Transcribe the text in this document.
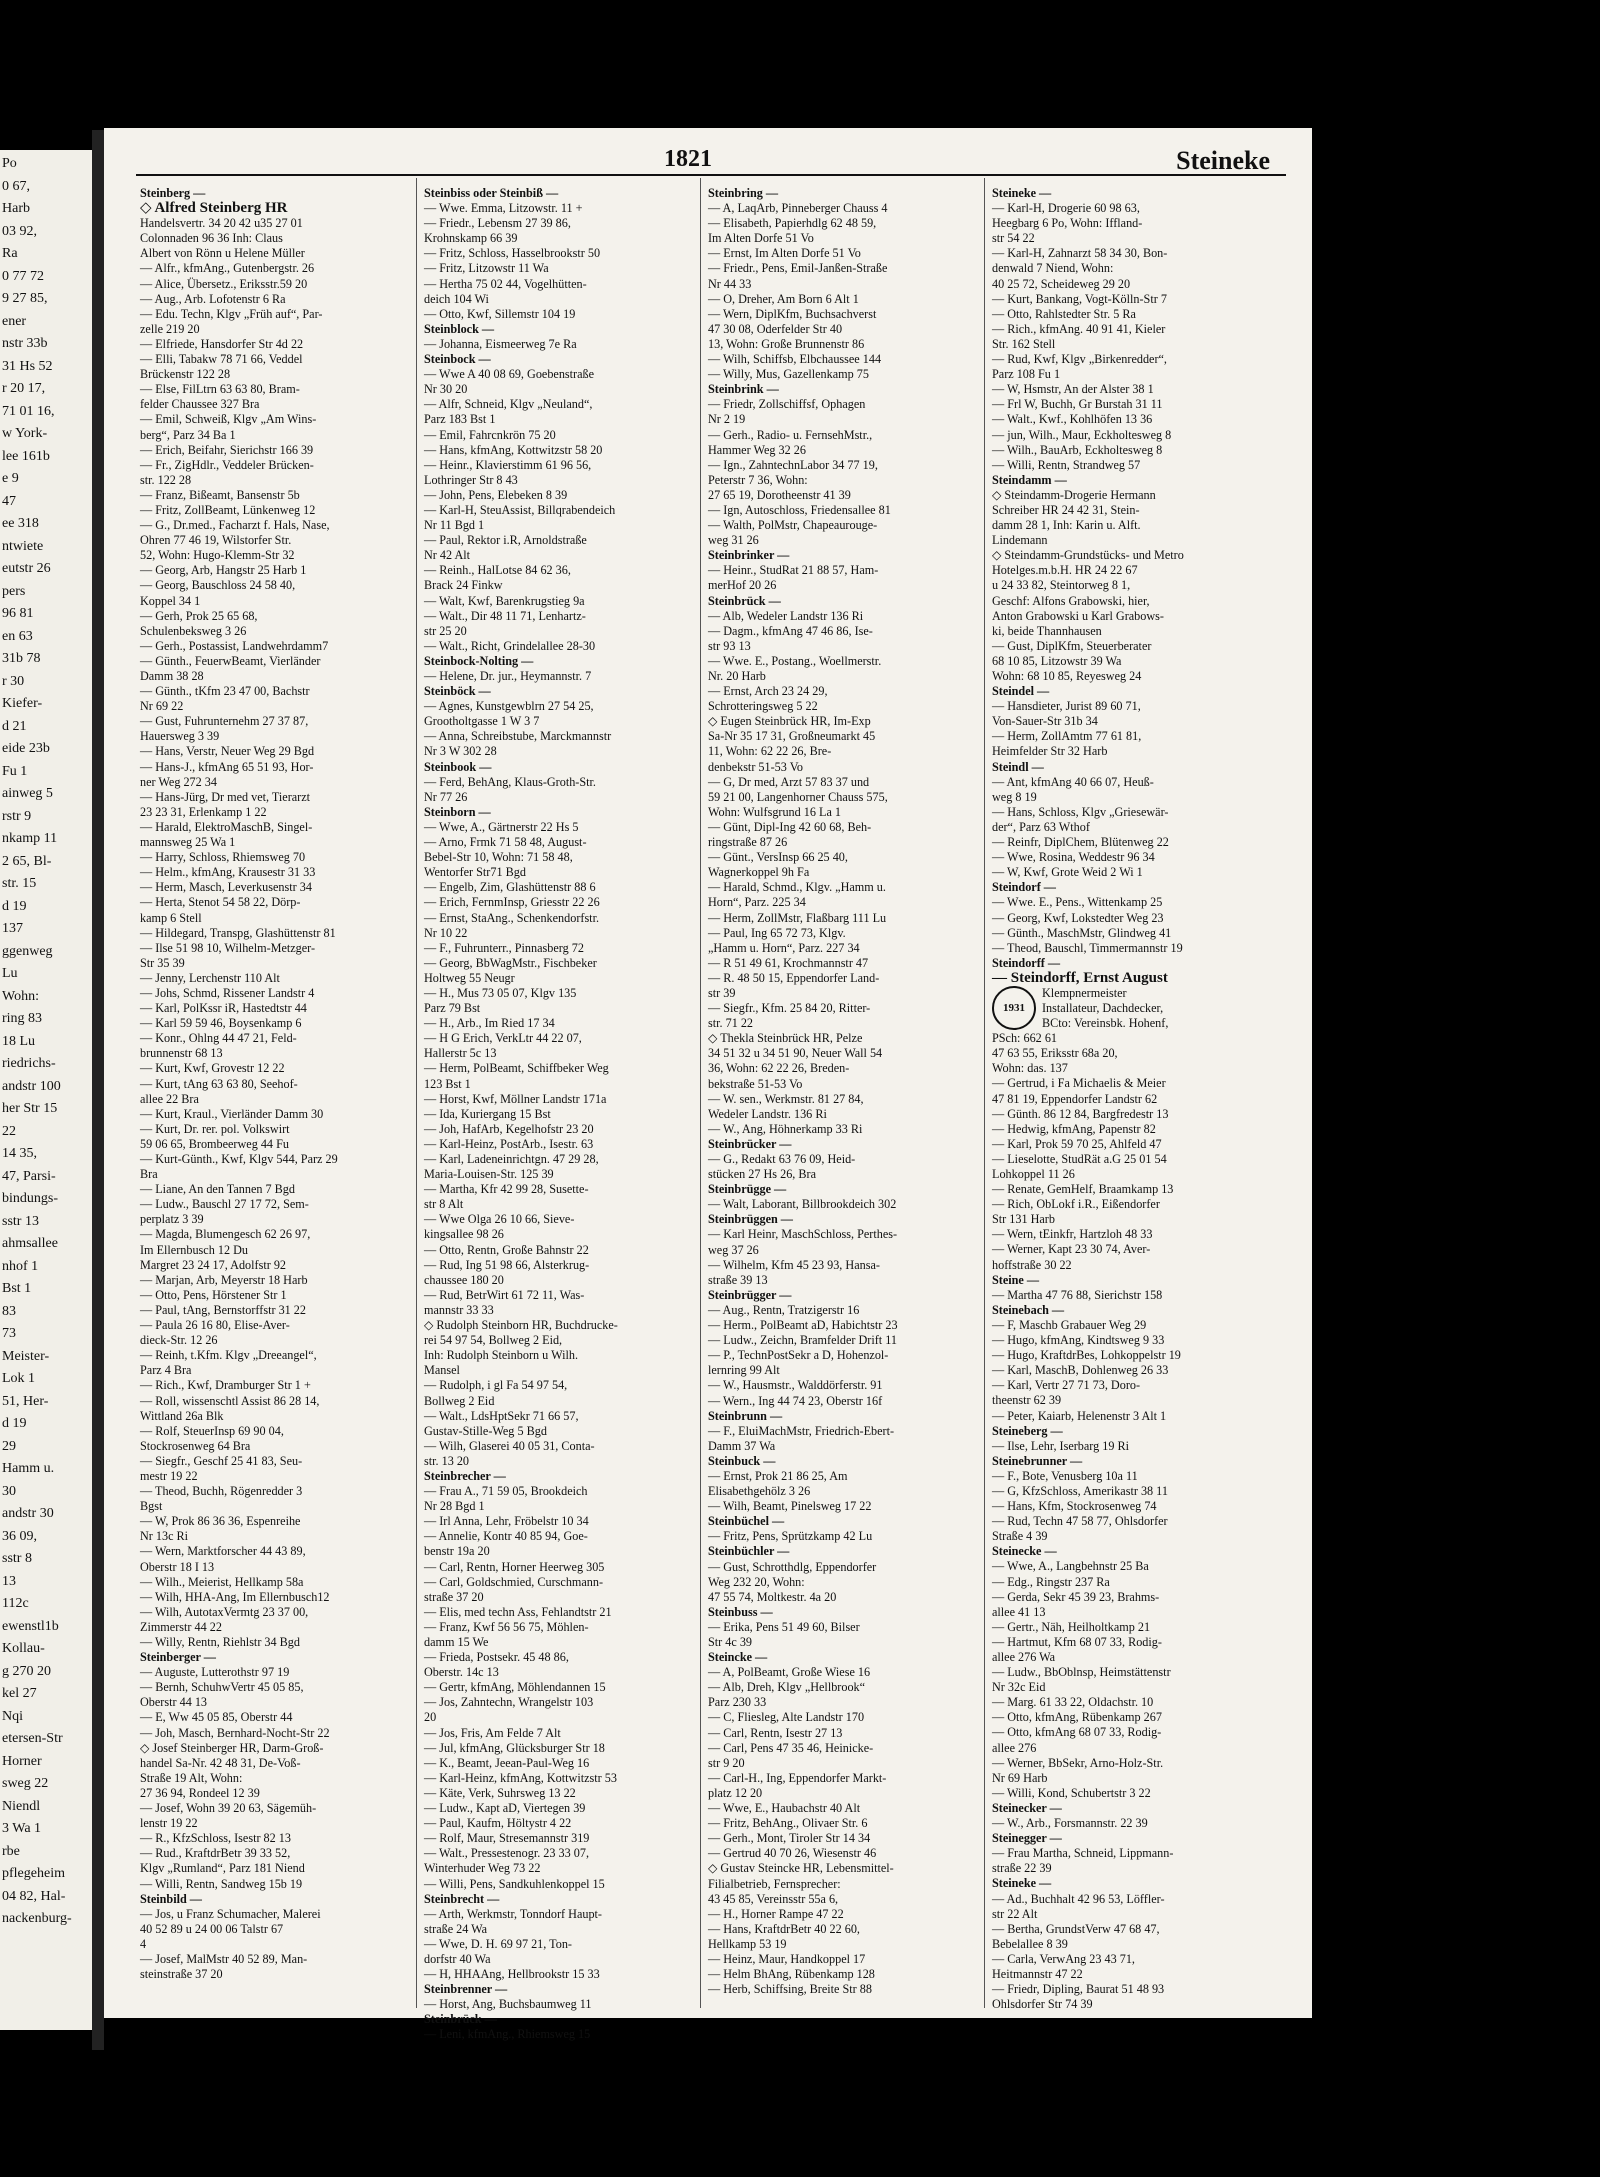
Po
0 67,
Harb
03 92,
Ra
0 77 72
9 27 85,
ener
nstr 33b
31 Hs 52
r 20 17,
71 01 16,
w York-
lee 161b
e 9
47
ee 318
ntwiete
eutstr 26
pers
96 81
en 63
31b 78
r 30
Kiefer-
d 21
eide 23b
Fu 1
ainweg 5
rstr 9
nkamp 11
2 65, Bl-
str. 15
d 19
137
ggenweg
Lu
Wohn:
ring 83
18 Lu
riedrichs-
andstr 100
her Str 15
22
14 35,
47, Parsi-
bindungs-
sstr 13
ahmsallee
nhof 1
Bst 1
83
73
Meister-
Lok 1
51, Her-
d 19
29
Hamm u.
30
andstr 30
36 09,
sstr 8
13
112c
ewenstl1b
Kollau-
g 270 20
kel 27
Nqi
etersen-Str
Horner
sweg 22
Niendl
3 Wa 1
rbe
pflegeheim
04 82, Hal-
nackenburg-
1821	Steineke
Steinberg —
◇ Alfred Steinberg HR
Handelsvertr. 34 20 42 u35 27 01
Colonnaden 96 36 Inh: Claus
Albert von Rönn u Helene Müller
— Alfr., kfmAng., Gutenbergstr. 26
— Alice, Übersetz., Eriksstr.59 20
— Aug., Arb. Lofotenstr 6 Ra
— Edu. Techn, Klgv „Früh auf“, Par-
zelle 219 20
— Elfriede, Hansdorfer Str 4d 22
— Elli, Tabakw 78 71 66, Veddel
Brückenstr 122 28
— Else, FilLtrn 63 63 80, Bram-
felder Chaussee 327 Bra
— Emil, Schweiß, Klgv „Am Wins-
berg“, Parz 34 Ba 1
— Erich, Beifahr, Sierichstr 166 39
— Fr., ZigHdlr., Veddeler Brücken-
str. 122 28
— Franz, Bißeamt, Bansenstr 5b
— Fritz, ZollBeamt, Lünkenweg 12
— G., Dr.med., Facharzt f. Hals, Nase,
Ohren 77 46 19, Wilstorfer Str.
52, Wohn: Hugo-Klemm-Str 32
— Georg, Arb, Hangstr 25 Harb 1
— Georg, Bauschloss 24 58 40,
Koppel 34 1
— Gerh, Prok 25 65 68,
Schulenbeksweg 3 26
— Gerh., Postassist, Landwehrdamm7
— Günth., FeuerwBeamt, Vierländer
Damm 38 28
— Günth., tKfm 23 47 00, Bachstr
Nr 69 22
— Gust, Fuhrunternehm 27 37 87,
Hauersweg 3 39
— Hans, Verstr, Neuer Weg 29 Bgd
— Hans-J., kfmAng 65 51 93, Hor-
ner Weg 272 34
— Hans-Jürg, Dr med vet, Tierarzt
23 23 31, Erlenkamp 1 22
— Harald, ElektroMaschB, Singel-
mannsweg 25 Wa 1
— Harry, Schloss, Rhiemsweg 70
— Helm., kfmAng, Krausestr 31 33
— Herm, Masch, Leverkusenstr 34
— Herta, Stenot 54 58 22, Dörp-
kamp 6 Stell
— Hildegard, Transpg, Glashüttenstr 81
— Ilse 51 98 10, Wilhelm-Metzger-
Str 35 39
— Jenny, Lerchenstr 110 Alt
— Johs, Schmd, Rissener Landstr 4
— Karl, PolKssr iR, Hastedtstr 44
— Karl 59 59 46, Boysenkamp 6
— Konr., Ohlng 44 47 21, Feld-
brunnenstr 68 13
— Kurt, Kwf, Grovestr 12 22
— Kurt, tAng 63 63 80, Seehof-
allee 22 Bra
— Kurt, Kraul., Vierländer Damm 30
— Kurt, Dr. rer. pol. Volkswirt
59 06 65, Brombeerweg 44 Fu
— Kurt-Günth., Kwf, Klgv 544, Parz 29
Bra
— Liane, An den Tannen 7 Bgd
— Ludw., Bauschl 27 17 72, Sem-
perplatz 3 39
— Magda, Blumengesch 62 26 97,
Im Ellernbusch 12 Du
Margret 23 24 17, Adolfstr 92
— Marjan, Arb, Meyerstr 18 Harb
— Otto, Pens, Hörstener Str 1
— Paul, tAng, Bernstorffstr 31 22
— Paula 26 16 80, Elise-Aver-
dieck-Str. 12 26
— Reinh, t.Kfm. Klgv „Dreeangel“,
Parz 4 Bra
— Rich., Kwf, Dramburger Str 1 +
— Roll, wissenschtl Assist 86 28 14,
Wittland 26a Blk
— Rolf, SteuerInsp 69 90 04,
Stockrosenweg 64 Bra
— Siegfr., Geschf 25 41 83, Seu-
mestr 19 22
— Theod, Buchh, Rögenredder 3
Bgst
— W, Prok 86 36 36, Espenreihe
Nr 13c Ri
— Wern, Marktforscher 44 43 89,
Oberstr 18 I 13
— Wilh., Meierist, Hellkamp 58a
— Wilh, HHA-Ang, Im Ellernbusch12
— Wilh, AutotaxVermtg 23 37 00,
Zimmerstr 44 22
— Willy, Rentn, Riehlstr 34 Bgd
Steinberger —
— Auguste, Lutterothstr 97 19
— Bernh, SchuhwVertr 45 05 85,
Oberstr 44 13
— E, Ww 45 05 85, Oberstr 44
— Joh, Masch, Bernhard-Nocht-Str 22
◇ Josef Steinberger HR, Darm-Groß-
handel Sa-Nr. 42 48 31, De-Voß-
Straße 19 Alt, Wohn:
27 36 94, Rondeel 12 39
— Josef, Wohn 39 20 63, Sägemüh-
lenstr 19 22
— R., KfzSchloss, Isestr 82 13
— Rud., KraftdrBetr 39 33 52,
Klgv „Rumland“, Parz 181 Niend
— Willi, Rentn, Sandweg 15b 19
Steinbild —
— Jos, u Franz Schumacher, Malerei
40 52 89 u 24 00 06 Talstr 67
4
— Josef, MalMstr 40 52 89, Man-
steinstraße 37 20
Steinbiss oder Steinbiß —
— Wwe. Emma, Litzowstr. 11 +
— Friedr., Lebensm 27 39 86,
Krohnskamp 66 39
— Fritz, Schloss, Hasselbrookstr 50
— Fritz, Litzowstr 11 Wa
— Hertha 75 02 44, Vogelhütten-
deich 104 Wi
— Otto, Kwf, Sillemstr 104 19
Steinblock —
— Johanna, Eismeerweg 7e Ra
Steinbock —
— Wwe A 40 08 69, Goebenstraße
Nr 30 20
— Alfr, Schneid, Klgv „Neuland“,
Parz 183 Bst 1
— Emil, Fahrcnkrön 75 20
— Hans, kfmAng, Kottwitzstr 58 20
— Heinr., Klavierstimm 61 96 56,
Lothringer Str 8 43
— John, Pens, Elebeken 8 39
— Karl-H, SteuAssist, Billqrabendeich
Nr 11 Bgd 1
— Paul, Rektor i.R, Arnoldstraße
Nr 42 Alt
— Reinh., HalLotse 84 62 36,
Brack 24 Finkw
— Walt, Kwf, Barenkrugstieg 9a
— Walt., Dir 48 11 71, Lenhartz-
str 25 20
— Walt., Richt, Grindelallee 28-30
Steinbock-Nolting —
— Helene, Dr. jur., Heymannstr. 7
Steinböck —
— Agnes, Kunstgewblrn 27 54 25,
Grootholtgasse 1 W 3 7
— Anna, Schreibstube, Marckmannstr
Nr 3 W 302 28
Steinbook —
— Ferd, BehAng, Klaus-Groth-Str.
Nr 77 26
Steinborn —
— Wwe, A., Gärtnerstr 22 Hs 5
— Arno, Frmk 71 58 48, August-
Bebel-Str 10, Wohn: 71 58 48,
Wentorfer Str71 Bgd
— Engelb, Zim, Glashüttenstr 88 6
— Erich, FernmInsp, Griesstr 22 26
— Ernst, StaAng., Schenkendorfstr.
Nr 10 22
— F., Fuhrunterr., Pinnasberg 72
— Georg, BbWagMstr., Fischbeker
Holtweg 55 Neugr
— H., Mus 73 05 07, Klgv 135
Parz 79 Bst
— H., Arb., Im Ried 17 34
— H G Erich, VerkLtr 44 22 07,
Hallerstr 5c 13
— Herm, PolBeamt, Schiffbeker Weg
123 Bst 1
— Horst, Kwf, Möllner Landstr 171a
— Ida, Kuriergang 15 Bst
— Joh, HafArb, Kegelhofstr 23 20
— Karl-Heinz, PostArb., Isestr. 63
— Karl, Ladeneinrichtgn. 47 29 28,
Maria-Louisen-Str. 125 39
— Martha, Kfr 42 99 28, Susette-
str 8 Alt
— Wwe Olga 26 10 66, Sieve-
kingsallee 98 26
— Otto, Rentn, Große Bahnstr 22
— Rud, Ing 51 98 66, Alsterkrug-
chaussee 180 20
— Rud, BetrWirt 61 72 11, Was-
mannstr 33 33
◇ Rudolph Steinborn HR, Buchdrucke-
rei 54 97 54, Bollweg 2 Eid,
Inh: Rudolph Steinborn u Wilh.
Mansel
— Rudolph, i gl Fa 54 97 54,
Bollweg 2 Eid
— Walt., LdsHptSekr 71 66 57,
Gustav-Stille-Weg 5 Bgd
— Wilh, Glaserei 40 05 31, Conta-
str. 13 20
Steinbrecher —
— Frau A., 71 59 05, Brookdeich
Nr 28 Bgd 1
— Irl Anna, Lehr, Fröbelstr 10 34
— Annelie, Kontr 40 85 94, Goe-
benstr 19a 20
— Carl, Rentn, Horner Heerweg 305
— Carl, Goldschmied, Curschmann-
straße 37 20
— Elis, med techn Ass, Fehlandtstr 21
— Franz, Kwf 56 56 75, Möhlen-
damm 15 We
— Frieda, Postsekr. 45 48 86,
Oberstr. 14c 13
— Gertr, kfmAng, Möhlendannen 15
— Jos, Zahntechn, Wrangelstr 103
20
— Jos, Fris, Am Felde 7 Alt
— Jul, kfmAng, Glücksburger Str 18
— K., Beamt, Jeean-Paul-Weg 16
— Karl-Heinz, kfmAng, Kottwitzstr 53
— Käte, Verk, Suhrsweg 13 22
— Ludw., Kapt aD, Viertegen 39
— Paul, Kaufm, Höltystr 4 22
— Rolf, Maur, Stresemannstr 319
— Walt., Pressestenogr. 23 33 07,
Winterhuder Weg 73 22
— Willi, Pens, Sandkuhlenkoppel 15
Steinbrecht —
— Arth, Werkmstr, Tonndorf Haupt-
straße 24 Wa
— Wwe, D. H. 69 97 21, Ton-
dorfstr 40 Wa
— H, HHAAng, Hellbrookstr 15 33
Steinbrenner —
— Horst, Ang, Buchsbaumweg 11
Steinbrück —
— Leni, kfmAng., Rhiemsweg 15
Steinbring —
— A, LaqArb, Pinneberger Chauss 4
— Elisabeth, Papierhdlg 62 48 59,
Im Alten Dorfe 51 Vo
— Ernst, Im Alten Dorfe 51 Vo
— Friedr., Pens, Emil-Janßen-Straße
Nr 44 33
— O, Dreher, Am Born 6 Alt 1
— Wern, DiplKfm, Buchsachverst
47 30 08, Oderfelder Str 40
13, Wohn: Große Brunnenstr 86
— Wilh, Schiffsb, Elbchaussee 144
— Willy, Mus, Gazellenkamp 75
Steinbrink —
— Friedr, Zollschiffsf, Ophagen
Nr 2 19
— Gerh., Radio- u. FernsehMstr.,
Hammer Weg 32 26
— Ign., ZahntechnLabor 34 77 19,
Peterstr 7 36, Wohn:
27 65 19, Dorotheenstr 41 39
— Ign, Autoschloss, Friedensallee 81
— Walth, PolMstr, Chapeaurouge-
weg 31 26
Steinbrinker —
— Heinr., StudRat 21 88 57, Ham-
merHof 20 26
Steinbrück —
— Alb, Wedeler Landstr 136 Ri
— Dagm., kfmAng 47 46 86, Ise-
str 93 13
— Wwe. E., Postang., Woellmerstr.
Nr. 20 Harb
— Ernst, Arch 23 24 29,
Schrotteringsweg 5 22
◇ Eugen Steinbrück HR, Im-Exp
Sa-Nr 35 17 31, Großneumarkt 45
11, Wohn: 62 22 26, Bre-
denbekstr 51-53 Vo
— G, Dr med, Arzt 57 83 37 und
59 21 00, Langenhorner Chauss 575,
Wohn: Wulfsgrund 16 La 1
— Günt, Dipl-Ing 42 60 68, Beh-
ringstraße 87 26
— Günt., VersInsp 66 25 40,
Wagnerkoppel 9h Fa
— Harald, Schmd., Klgv. „Hamm u.
Horn“, Parz. 225 34
— Herm, ZollMstr, Flaßbarg 111 Lu
— Paul, Ing 65 72 73, Klgv.
„Hamm u. Horn“, Parz. 227 34
— R 51 49 61, Krochmannstr 47
— R. 48 50 15, Eppendorfer Land-
str 39
— Siegfr., Kfm. 25 84 20, Ritter-
str. 71 22
◇ Thekla Steinbrück HR, Pelze
34 51 32 u 34 51 90, Neuer Wall 54
36, Wohn: 62 22 26, Breden-
bekstraße 51-53 Vo
— W. sen., Werkmstr. 81 27 84,
Wedeler Landstr. 136 Ri
— W., Ang, Höhnerkamp 33 Ri
Steinbrücker —
— G., Redakt 63 76 09, Heid-
stücken 27 Hs 26, Bra
Steinbrügge —
— Walt, Laborant, Billbrookdeich 302
Steinbrüggen —
— Karl Heinr, MaschSchloss, Perthes-
weg 37 26
— Wilhelm, Kfm 45 23 93, Hansa-
straße 39 13
Steinbrügger —
— Aug., Rentn, Tratzigerstr 16
— Herm., PolBeamt aD, Habichtstr 23
— Ludw., Zeichn, Bramfelder Drift 11
— P., TechnPostSekr a D, Hohenzol-
lernring 99 Alt
— W., Hausmstr., Walddörferstr. 91
— Wern., Ing 44 74 23, Oberstr 16f
Steinbrunn —
— F., EluiMachMstr, Friedrich-Ebert-
Damm 37 Wa
Steinbuck —
— Ernst, Prok 21 86 25, Am
Elisabethgehölz 3 26
— Wilh, Beamt, Pinelsweg 17 22
Steinbüchel —
— Fritz, Pens, Sprützkamp 42 Lu
Steinbüchler —
— Gust, Schrotthdlg, Eppendorfer
Weg 232 20, Wohn:
47 55 74, Moltkestr. 4a 20
Steinbuss —
— Erika, Pens 51 49 60, Bilser
Str 4c 39
Steincke —
— A, PolBeamt, Große Wiese 16
— Alb, Dreh, Klgv „Hellbrook“
Parz 230 33
— C, Fliesleg, Alte Landstr 170
— Carl, Rentn, Isestr 27 13
— Carl, Pens 47 35 46, Heinicke-
str 9 20
— Carl-H., Ing, Eppendorfer Markt-
platz 12 20
— Wwe, E., Haubachstr 40 Alt
— Fritz, BehAng., Olivaer Str. 6
— Gerh., Mont, Tiroler Str 14 34
— Gertrud 40 70 26, Wiesenstr 46
◇ Gustav Steincke HR, Lebensmittel-
Filialbetrieb, Fernsprecher:
43 45 85, Vereinsstr 55a 6,
— H., Horner Rampe 47 22
— Hans, KraftdrBetr 40 22 60,
Hellkamp 53 19
— Heinz, Maur, Handkoppel 17
— Helm BhAng, Rübenkamp 128
— Herb, Schiffsing, Breite Str 88
Steineke —
— Karl-H, Drogerie 60 98 63,
Heegbarg 6 Po, Wohn: Iffland-
str 54 22
— Karl-H, Zahnarzt 58 34 30, Bon-
denwald 7 Niend, Wohn:
40 25 72, Scheideweg 29 20
— Kurt, Bankang, Vogt-Kölln-Str 7
— Otto, Rahlstedter Str. 5 Ra
— Rich., kfmAng. 40 91 41, Kieler
Str. 162 Stell
— Rud, Kwf, Klgv „Birkenredder“,
Parz 108 Fu 1
— W, Hsmstr, An der Alster 38 1
— Frl W, Buchh, Gr Burstah 31 11
— Walt., Kwf., Kohlhöfen 13 36
— jun, Wilh., Maur, Eckholtesweg 8
— Wilh., BauArb, Eckholtesweg 8
— Willi, Rentn, Strandweg 57
Steindamm —
◇ Steindamm-Drogerie Hermann
Schreiber HR 24 42 31, Stein-
damm 28 1, Inh: Karin u. Alft.
Lindemann
◇ Steindamm-Grundstücks- und Metro
Hotelges.m.b.H. HR 24 22 67
u 24 33 82, Steintorweg 8 1,
Geschf: Alfons Grabowski, hier,
Anton Grabowski u Karl Grabows-
ki, beide Thannhausen
— Gust, DiplKfm, Steuerberater
68 10 85, Litzowstr 39 Wa
Wohn: 68 10 85, Reyesweg 24
Steindel —
— Hansdieter, Jurist 89 60 71,
Von-Sauer-Str 31b 34
— Herm, ZollAmtm 77 61 81,
Heimfelder Str 32 Harb
Steindl —
— Ant, kfmAng 40 66 07, Heuß-
weg 8 19
— Hans, Schloss, Klgv „Griesewär-
der“, Parz 63 Wthof
— Reinfr, DiplChem, Blütenweg 22
— Wwe, Rosina, Weddestr 96 34
— W, Kwf, Grote Weid 2 Wi 1
Steindorf —
— Wwe. E., Pens., Wittenkamp 25
— Georg, Kwf, Lokstedter Weg 23
— Günth., MaschMstr, Glindweg 41
— Theod, Bauschl, Timmermannstr 19
Steindorff —
— Steindorff, Ernst August
1931
Klempnermeister
Installateur, Dachdecker,
BCto: Vereinsbk. Hohenf,
PSch: 662 61
47 63 55, Eriksstr 68a 20,
Wohn: das. 137
— Gertrud, i Fa Michaelis & Meier
47 81 19, Eppendorfer Landstr 62
— Günth. 86 12 84, Bargfredestr 13
— Hedwig, kfmAng, Papenstr 82
— Karl, Prok 59 70 25, Ahlfeld 47
— Lieselotte, StudRät a.G 25 01 54
Lohkoppel 11 26
— Renate, GemHelf, Braamkamp 13
— Rich, ObLokf i.R., Eißendorfer
Str 131 Harb
— Wern, tEinkfr, Hartzloh 48 33
— Werner, Kapt 23 30 74, Aver-
hoffstraße 30 22
Steine —
— Martha 47 76 88, Sierichstr 158
Steinebach —
— F, Maschb Grabauer Weg 29
— Hugo, kfmAng, Kindtsweg 9 33
— Hugo, KraftdrBes, Lohkoppelstr 19
— Karl, MaschB, Dohlenweg 26 33
— Karl, Vertr 27 71 73, Doro-
theenstr 62 39
— Peter, Kaiarb, Helenenstr 3 Alt 1
Steineberg —
— Ilse, Lehr, Iserbarg 19 Ri
Steinebrunner —
— F., Bote, Venusberg 10a 11
— G, KfzSchloss, Amerikastr 38 11
— Hans, Kfm, Stockrosenweg 74
— Rud, Techn 47 58 77, Ohlsdorfer
Straße 4 39
Steinecke —
— Wwe, A., Langbehnstr 25 Ba
— Edg., Ringstr 237 Ra
— Gerda, Sekr 45 39 23, Brahms-
allee 41 13
— Gertr., Näh, Heilholtkamp 21
— Hartmut, Kfm 68 07 33, Rodig-
allee 276 Wa
— Ludw., BbOblnsp, Heimstättenstr
Nr 32c Eid
— Marg. 61 33 22, Oldachstr. 10
— Otto, kfmAng, Rübenkamp 267
— Otto, kfmAng 68 07 33, Rodig-
allee 276
— Werner, BbSekr, Arno-Holz-Str.
Nr 69 Harb
— Willi, Kond, Schubertstr 3 22
Steinecker —
— W., Arb., Forsmannstr. 22 39
Steinegger —
— Frau Martha, Schneid, Lippmann-
straße 22 39
Steineke —
— Ad., Buchhalt 42 96 53, Löffler-
str 22 Alt
— Bertha, GrundstVerw 47 68 47,
Bebelallee 8 39
— Carla, VerwAng 23 43 71,
Heitmannstr 47 22
— Friedr, Dipling, Baurat 51 48 93
Ohlsdorfer Str 74 39
